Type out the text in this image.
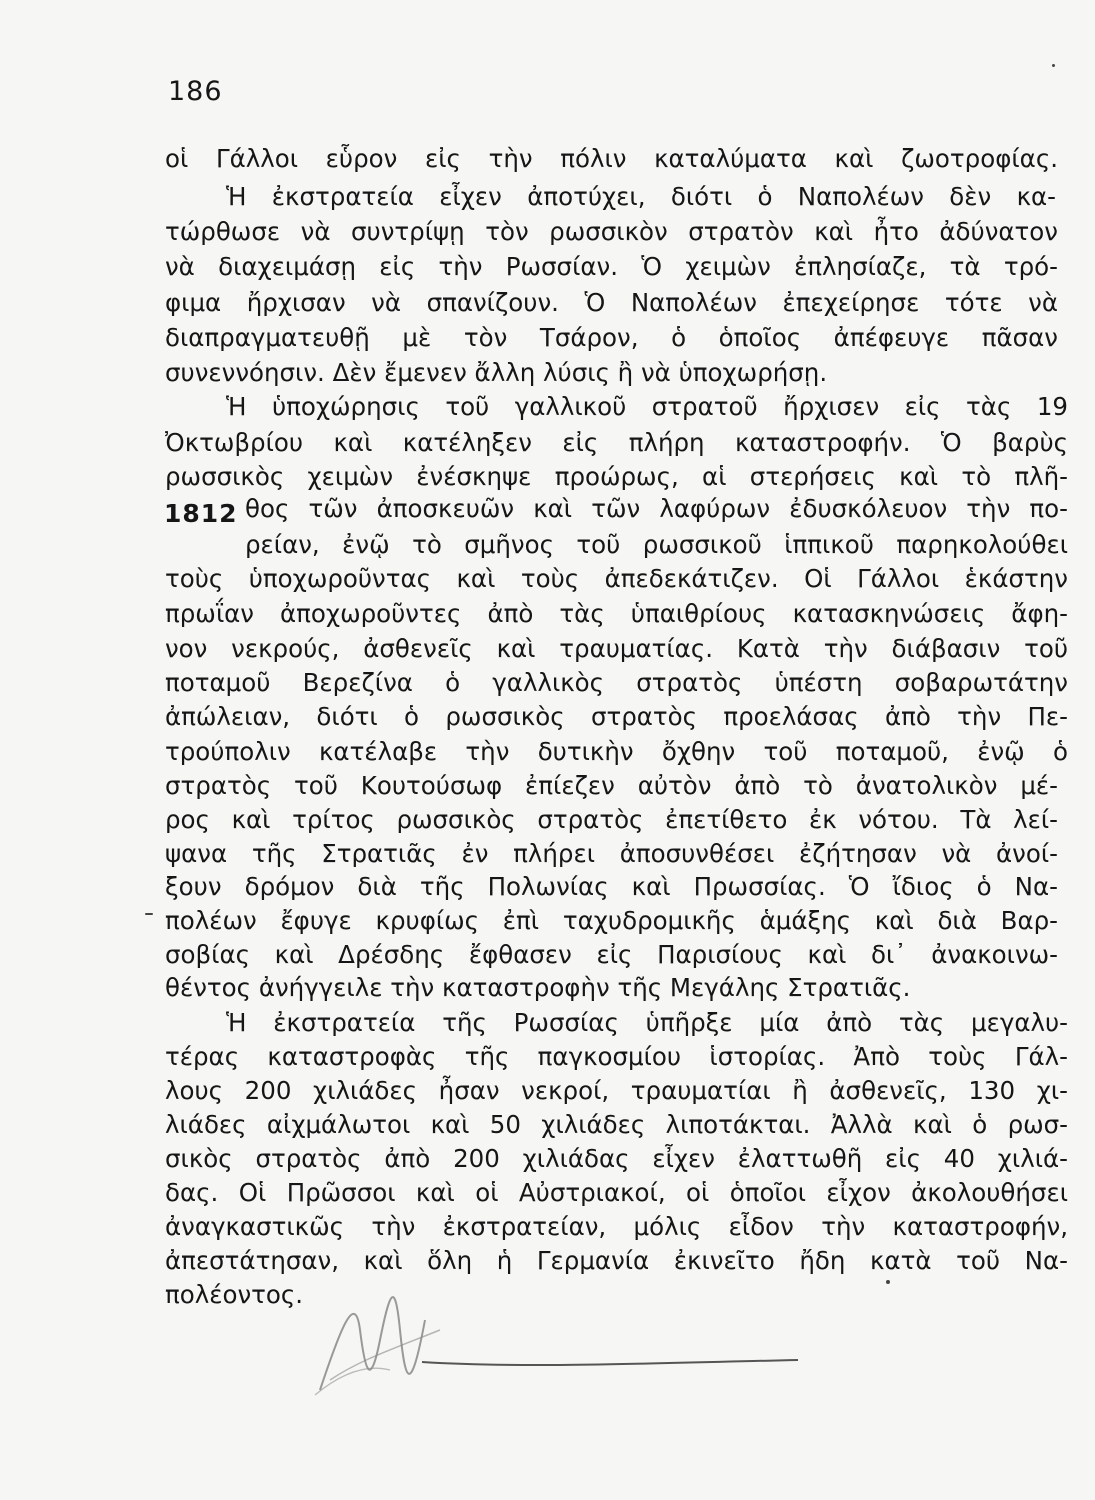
186
1812
οἱ Γάλλοι εὗρον εἰς τὴν πόλιν καταλύματα καὶ ζωοτροφίας.
Ἡ ἐκστρατεία εἶχεν ἀποτύχει, διότι ὁ Ναπολέων δὲν κα-
τώρθωσε νὰ συντρίψῃ τὸν ρωσσικὸν στρατὸν καὶ ἦτο ἀδύνατον
νὰ διαχειμάσῃ εἰς τὴν Ρωσσίαν. Ὁ χειμὼν ἐπλησίαζε, τὰ τρό-
φιμα ἤρχισαν νὰ σπανίζουν. Ὁ Ναπολέων ἐπεχείρησε τότε νὰ
διαπραγματευθῇ μὲ τὸν Τσάρον, ὁ ὁποῖος ἀπέφευγε πᾶσαν
συνεννόησιν. Δὲν ἔμενεν ἄλλη λύσις ἢ νὰ ὑποχωρήσῃ.
Ἡ ὑποχώρησις τοῦ γαλλικοῦ στρατοῦ ἤρχισεν εἰς τὰς 19
Ὀκτωβρίου καὶ κατέληξεν εἰς πλήρη καταστροφήν. Ὁ βαρὺς
ρωσσικὸς χειμὼν ἐνέσκηψε προώρως, αἱ στερήσεις καὶ τὸ πλῆ-
θος τῶν ἀποσκευῶν καὶ τῶν λαφύρων ἐδυσκόλευον τὴν πο-
ρείαν, ἐνῷ τὸ σμῆνος τοῦ ρωσσικοῦ ἱππικοῦ παρηκολούθει
τοὺς ὑποχωροῦντας καὶ τοὺς ἀπεδεκάτιζεν. Οἱ Γάλλοι ἑκάστην
πρωΐαν ἀποχωροῦντες ἀπὸ τὰς ὑπαιθρίους κατασκηνώσεις ἄφη-
νον νεκρούς, ἀσθενεῖς καὶ τραυματίας. Κατὰ τὴν διάβασιν τοῦ
ποταμοῦ Βερεζίνα ὁ γαλλικὸς στρατὸς ὑπέστη σοβαρωτάτην
ἀπώλειαν, διότι ὁ ρωσσικὸς στρατὸς προελάσας ἀπὸ τὴν Πε-
τρούπολιν κατέλαβε τὴν δυτικὴν ὄχθην τοῦ ποταμοῦ, ἐνῷ ὁ
στρατὸς τοῦ Κουτούσωφ ἐπίεζεν αὐτὸν ἀπὸ τὸ ἀνατολικὸν μέ-
ρος καὶ τρίτος ρωσσικὸς στρατὸς ἐπετίθετο ἐκ νότου. Τὰ λεί-
ψανα τῆς Στρατιᾶς ἐν πλήρει ἀποσυνθέσει ἐζήτησαν νὰ ἀνοί-
ξουν δρόμον διὰ τῆς Πολωνίας καὶ Πρωσσίας. Ὁ ἴδιος ὁ Να-
πολέων ἔφυγε κρυφίως ἐπὶ ταχυδρομικῆς ἁμάξης καὶ διὰ Βαρ-
σοβίας καὶ Δρέσδης ἔφθασεν εἰς Παρισίους καὶ δι᾿ ἀνακοινω-
θέντος ἀνήγγειλε τὴν καταστροφὴν τῆς Μεγάλης Στρατιᾶς.
Ἡ ἐκστρατεία τῆς Ρωσσίας ὑπῆρξε μία ἀπὸ τὰς μεγαλυ-
τέρας καταστροφὰς τῆς παγκοσμίου ἱστορίας. Ἀπὸ τοὺς Γάλ-
λους 200 χιλιάδες ἦσαν νεκροί, τραυματίαι ἢ ἀσθενεῖς, 130 χι-
λιάδες αἰχμάλωτοι καὶ 50 χιλιάδες λιποτάκται. Ἀλλὰ καὶ ὁ ρωσ-
σικὸς στρατὸς ἀπὸ 200 χιλιάδας εἶχεν ἐλαττωθῆ εἰς 40 χιλιά-
δας. Οἱ Πρῶσσοι καὶ οἱ Αὐστριακοί, οἱ ὁποῖοι εἶχον ἀκολουθήσει
ἀναγκαστικῶς τὴν ἐκστρατείαν, μόλις εἶδον τὴν καταστροφήν,
ἀπεστάτησαν, καὶ ὅλη ἡ Γερμανία ἐκινεῖτο ἤδη κατὰ τοῦ Να-
πολέοντος.
